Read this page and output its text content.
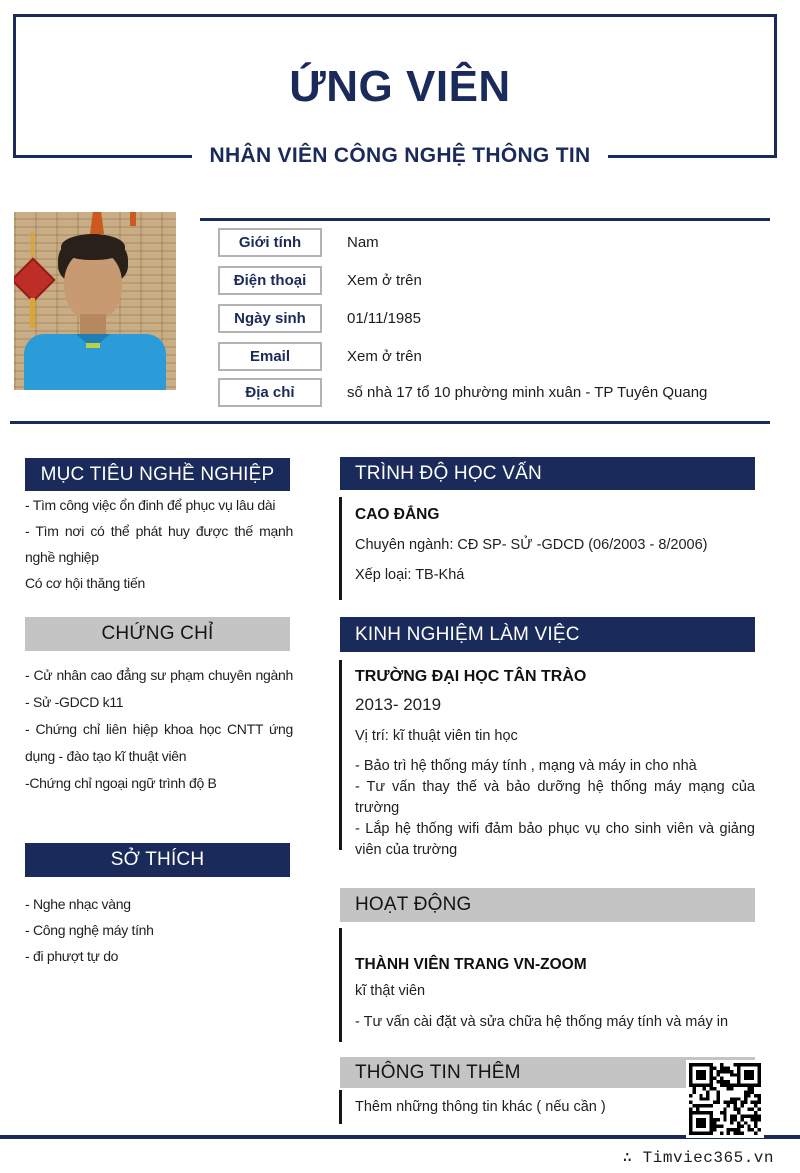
ỨNG VIÊN
NHÂN VIÊN CÔNG NGHỆ THÔNG TIN
Giới tính	Nam
Điện thoại	Xem ở trên
Ngày sinh	01/11/1985
Email	Xem ở trên
Địa chỉ	số nhà 17 tổ 10 phường minh xuân - TP Tuyên Quang
MỤC TIÊU NGHỀ NGHIỆP

- Tìm công việc ổn đinh để phục vụ lâu dài

- Tìm nơi có thể phát huy được thế mạnh nghề nghiệp

Có cơ hội thăng tiến

CHỨNG CHỈ

- Cử nhân cao đẳng sư phạm chuyên ngành - Sử -GDCD k11

- Chứng chỉ liên hiệp khoa học CNTT ứng dụng - đào tạo kĩ thuật viên

-Chứng chỉ ngoại ngữ trình độ B

SỞ THÍCH

- Nghe nhạc vàng

- Công nghệ máy tính

- đi phượt tự do

TRÌNH ĐỘ HỌC VẤN
CAO ĐẲNG
Chuyên ngành: CĐ SP- SỬ -GDCD (06/2003 - 8/2006)
Xếp loại: TB-Khá
KINH NGHIỆM LÀM VIỆC
TRƯỜNG ĐẠI HỌC TÂN TRÀO
2013- 2019
Vị trí: kĩ thuật viên tin học

- Bảo trì hệ thống máy tính , mạng và máy in cho nhà

- Tư vấn thay thế và bảo dưỡng hệ thống máy mạng của trường

- Lắp hệ thống wifi đảm bảo phục vụ cho sinh viên và giảng viên của trường

HOẠT ĐỘNG
THÀNH VIÊN TRANG VN-ZOOM
kĩ thật viên

- Tư vấn cài đặt và sửa chữa hệ thống máy tính và máy in

THÔNG TIN THÊM
Thêm những thông tin khác ( nếu cần )
∴ Timviec365.vn
